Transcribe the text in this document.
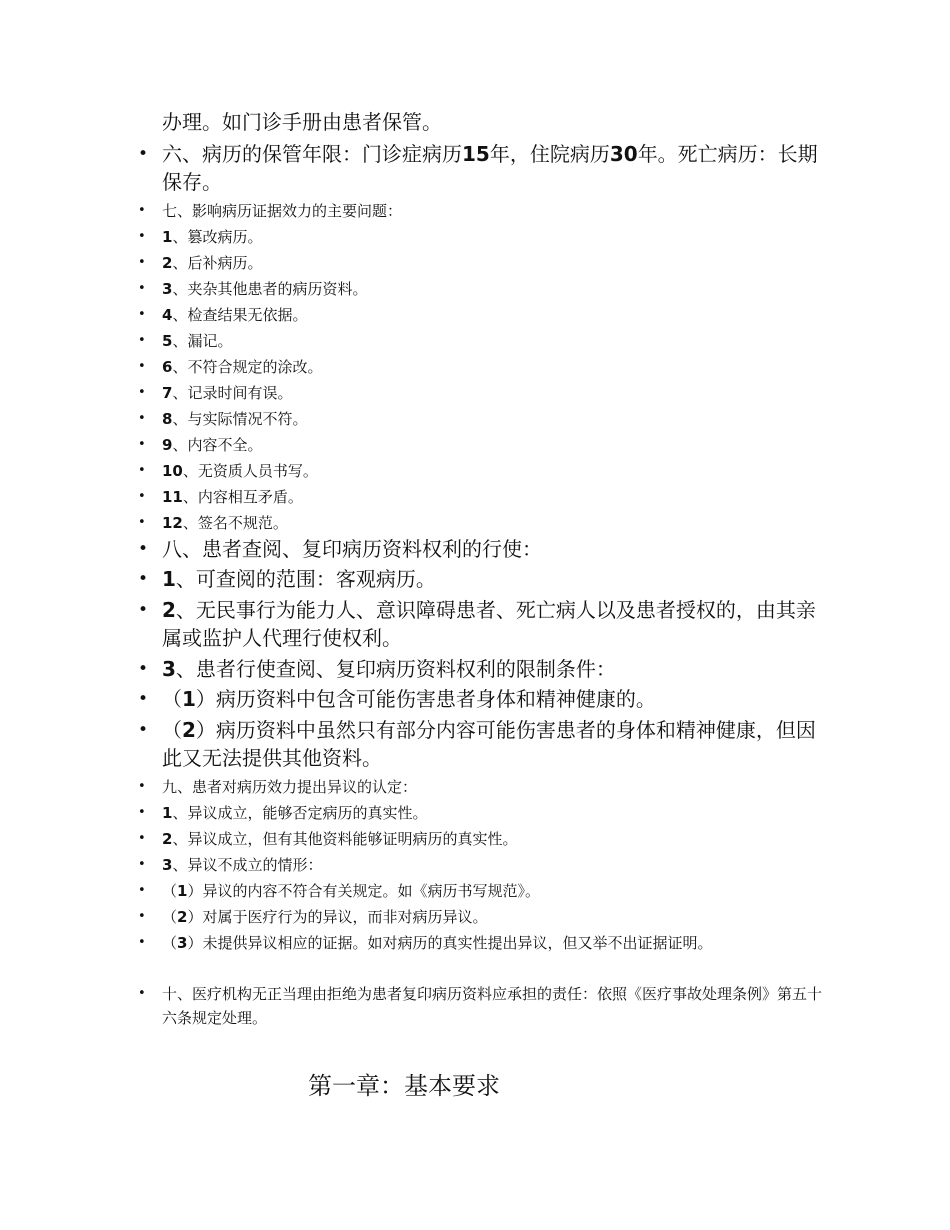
办理。如门诊手册由患者保管。
• 六、病历的保管年限：门诊症病历15年，住院病历30年。死亡病历：长期保存。
• 七、影响病历证据效力的主要问题：
• 1、篡改病历。
• 2、后补病历。
• 3、夹杂其他患者的病历资料。
• 4、检查结果无依据。
• 5、漏记。
• 6、不符合规定的涂改。
• 7、记录时间有误。
• 8、与实际情况不符。
• 9、内容不全。
• 10、无资质人员书写。
• 11、内容相互矛盾。
• 12、签名不规范。
• 八、患者查阅、复印病历资料权利的行使：
• 1、可查阅的范围：客观病历。
• 2、无民事行为能力人、意识障碍患者、死亡病人以及患者授权的，由其亲属或监护人代理行使权利。
• 3、患者行使查阅、复印病历资料权利的限制条件：
• （1）病历资料中包含可能伤害患者身体和精神健康的。
• （2）病历资料中虽然只有部分内容可能伤害患者的身体和精神健康，但因此又无法提供其他资料。
• 九、患者对病历效力提出异议的认定：
• 1、异议成立，能够否定病历的真实性。
• 2、异议成立，但有其他资料能够证明病历的真实性。
• 3、异议不成立的情形：
• （1）异议的内容不符合有关规定。如《病历书写规范》。
• （2）对属于医疗行为的异议，而非对病历异议。
• （3）未提供异议相应的证据。如对病历的真实性提出异议，但又举不出证据证明。
• 十、医疗机构无正当理由拒绝为患者复印病历资料应承担的责任：依照《医疗事故处理条例》第五十六条规定处理。
第一章：基本要求
